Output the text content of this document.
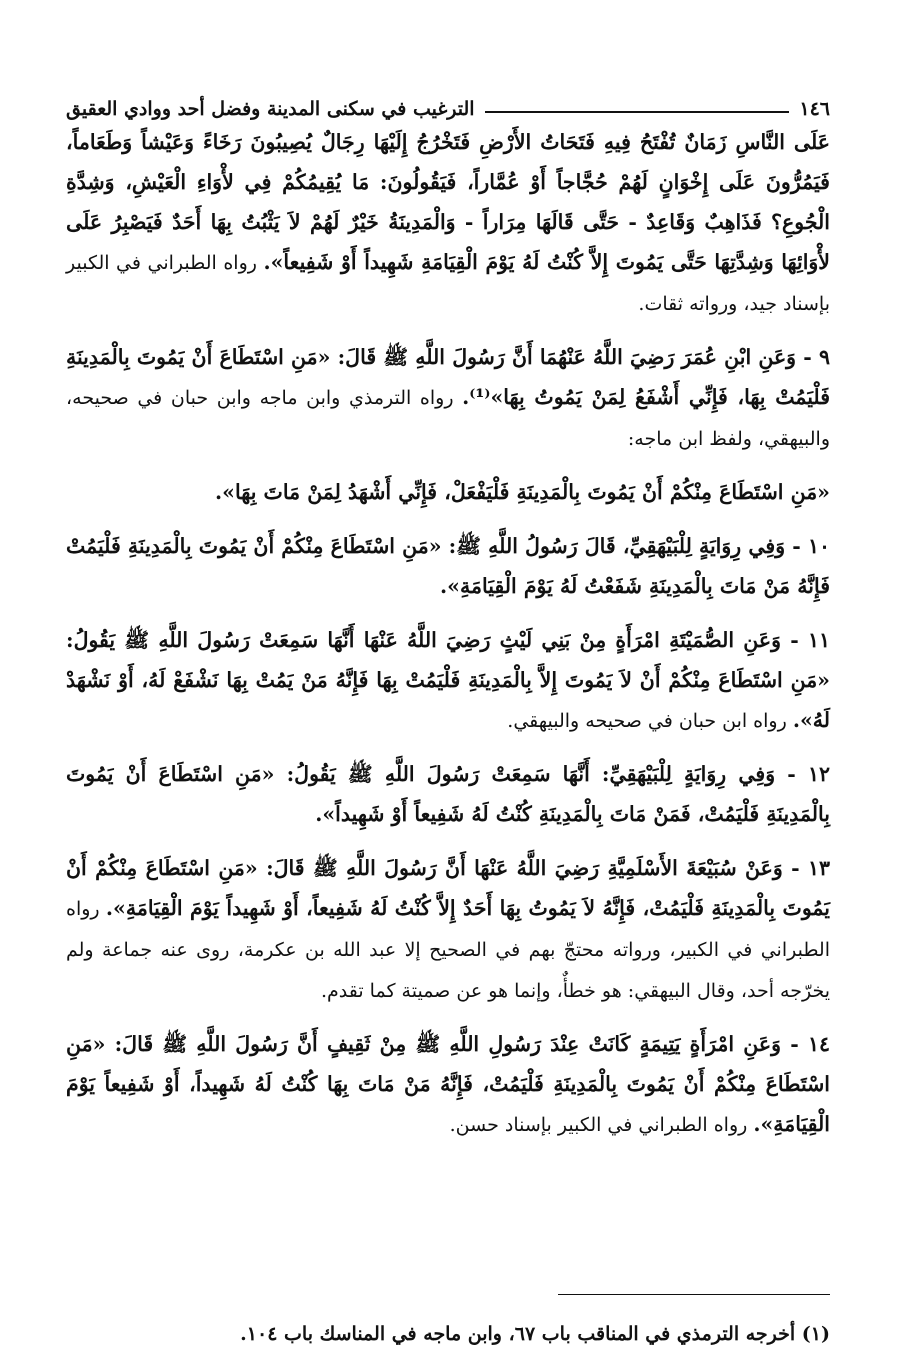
١٤٦
الترغيب في سكنى المدينة وفضل أحد ووادي العقيق

عَلَى النَّاسِ زَمَانٌ تُفْتَحُ فِيهِ فَتَحَاتُ الأَرْضِ فَتَخْرُجُ إِلَيْهَا رِجَالٌ يُصِيبُونَ رَخَاءً وَعَيْشاً وَطَعَاماً، فَيَمُرُّونَ عَلَى إِخْوَانٍ لَهُمْ حُجَّاجاً أَوْ عُمَّاراً، فَيَقُولُونَ: مَا يُقِيمُكُمْ فِي لأْوَاءِ الْعَيْشِ، وَشِدَّةِ الْجُوعِ؟ فَذَاهِبٌ وَقَاعِدٌ - حَتَّى قَالَهَا مِرَاراً - وَالْمَدِينَةُ خَيْرٌ لَهُمْ لاَ يَثْبُتُ بِهَا أَحَدٌ فَيَصْبِرُ عَلَى لأْوَائِهَا وَشِدَّتِهَا حَتَّى يَمُوتَ إِلاَّ كُنْتُ لَهُ يَوْمَ الْقِيَامَةِ شَهِيداً أَوْ شَفِيعاً». رواه الطبراني في الكبير بإسناد جيد، ورواته ثقات.

٩ - وَعَنِ ابْنِ عُمَرَ رَضِيَ اللَّهُ عَنْهُمَا أَنَّ رَسُولَ اللَّهِ ﷺ قَالَ: «مَنِ اسْتَطَاعَ أَنْ يَمُوتَ بِالْمَدِينَةِ فَلْيَمُتْ بِهَا، فَإِنِّي أَشْفَعُ لِمَنْ يَمُوتُ بِهَا»⁽¹⁾. رواه الترمذي وابن ماجه وابن حبان في صحيحه، والبيهقي، ولفظ ابن ماجه:

«مَنِ اسْتَطَاعَ مِنْكُمْ أَنْ يَمُوتَ بِالْمَدِينَةِ فَلْيَفْعَلْ، فَإِنِّي أَشْهَدُ لِمَنْ مَاتَ بِهَا».

١٠ - وَفِي رِوَايَةٍ لِلْبَيْهَقِيِّ، قَالَ رَسُولُ اللَّهِ ﷺ: «مَنِ اسْتَطَاعَ مِنْكُمْ أَنْ يَمُوتَ بِالْمَدِينَةِ فَلْيَمُتْ فَإِنَّهُ مَنْ مَاتَ بِالْمَدِينَةِ شَفَعْتُ لَهُ يَوْمَ الْقِيَامَةِ».

١١ - وَعَنِ الصُّمَيْتَةِ امْرَأَةٍ مِنْ بَنِي لَيْثٍ رَضِيَ اللَّهُ عَنْهَا أَنَّهَا سَمِعَتْ رَسُولَ اللَّهِ ﷺ يَقُولُ: «مَنِ اسْتَطَاعَ مِنْكُمْ أَنْ لاَ يَمُوتَ إِلاَّ بِالْمَدِينَةِ فَلْيَمُتْ بِهَا فَإِنَّهُ مَنْ يَمُتْ بِهَا نَشْفَعْ لَهُ، أَوْ نَشْهَدْ لَهُ». رواه ابن حبان في صحيحه والبيهقي.

١٢ - وَفِي رِوَايَةٍ لِلْبَيْهَقِيِّ: أَنَّهَا سَمِعَتْ رَسُولَ اللَّهِ ﷺ يَقُولُ: «مَنِ اسْتَطَاعَ أَنْ يَمُوتَ بِالْمَدِينَةِ فَلْيَمُتْ، فَمَنْ مَاتَ بِالْمَدِينَةِ كُنْتُ لَهُ شَفِيعاً أَوْ شَهِيداً».

١٣ - وَعَنْ سُبَيْعَةَ الأَسْلَمِيَّةِ رَضِيَ اللَّهُ عَنْهَا أَنَّ رَسُولَ اللَّهِ ﷺ قَالَ: «مَنِ اسْتَطَاعَ مِنْكُمْ أَنْ يَمُوتَ بِالْمَدِينَةِ فَلْيَمُتْ، فَإِنَّهُ لاَ يَمُوتُ بِهَا أَحَدٌ إِلاَّ كُنْتُ لَهُ شَفِيعاً، أَوْ شَهِيداً يَوْمَ الْقِيَامَةِ». رواه الطبراني في الكبير، ورواته محتجّ بهم في الصحيح إلا عبد الله بن عكرمة، روى عنه جماعة ولم يخرّجه أحد، وقال البيهقي: هو خطأٌ، وإنما هو عن صميتة كما تقدم.

١٤ - وَعَنِ امْرَأَةٍ يَتِيمَةٍ كَانَتْ عِنْدَ رَسُولِ اللَّهِ ﷺ مِنْ ثَقِيفٍ أَنَّ رَسُولَ اللَّهِ ﷺ قَالَ: «مَنِ اسْتَطَاعَ مِنْكُمْ أَنْ يَمُوتَ بِالْمَدِينَةِ فَلْيَمُتْ، فَإِنَّهُ مَنْ مَاتَ بِهَا كُنْتُ لَهُ شَهِيداً، أَوْ شَفِيعاً يَوْمَ الْقِيَامَةِ». رواه الطبراني في الكبير بإسناد حسن.

(١) أخرجه الترمذي في المناقب باب ٦٧، وابن ماجه في المناسك باب ١٠٤.
